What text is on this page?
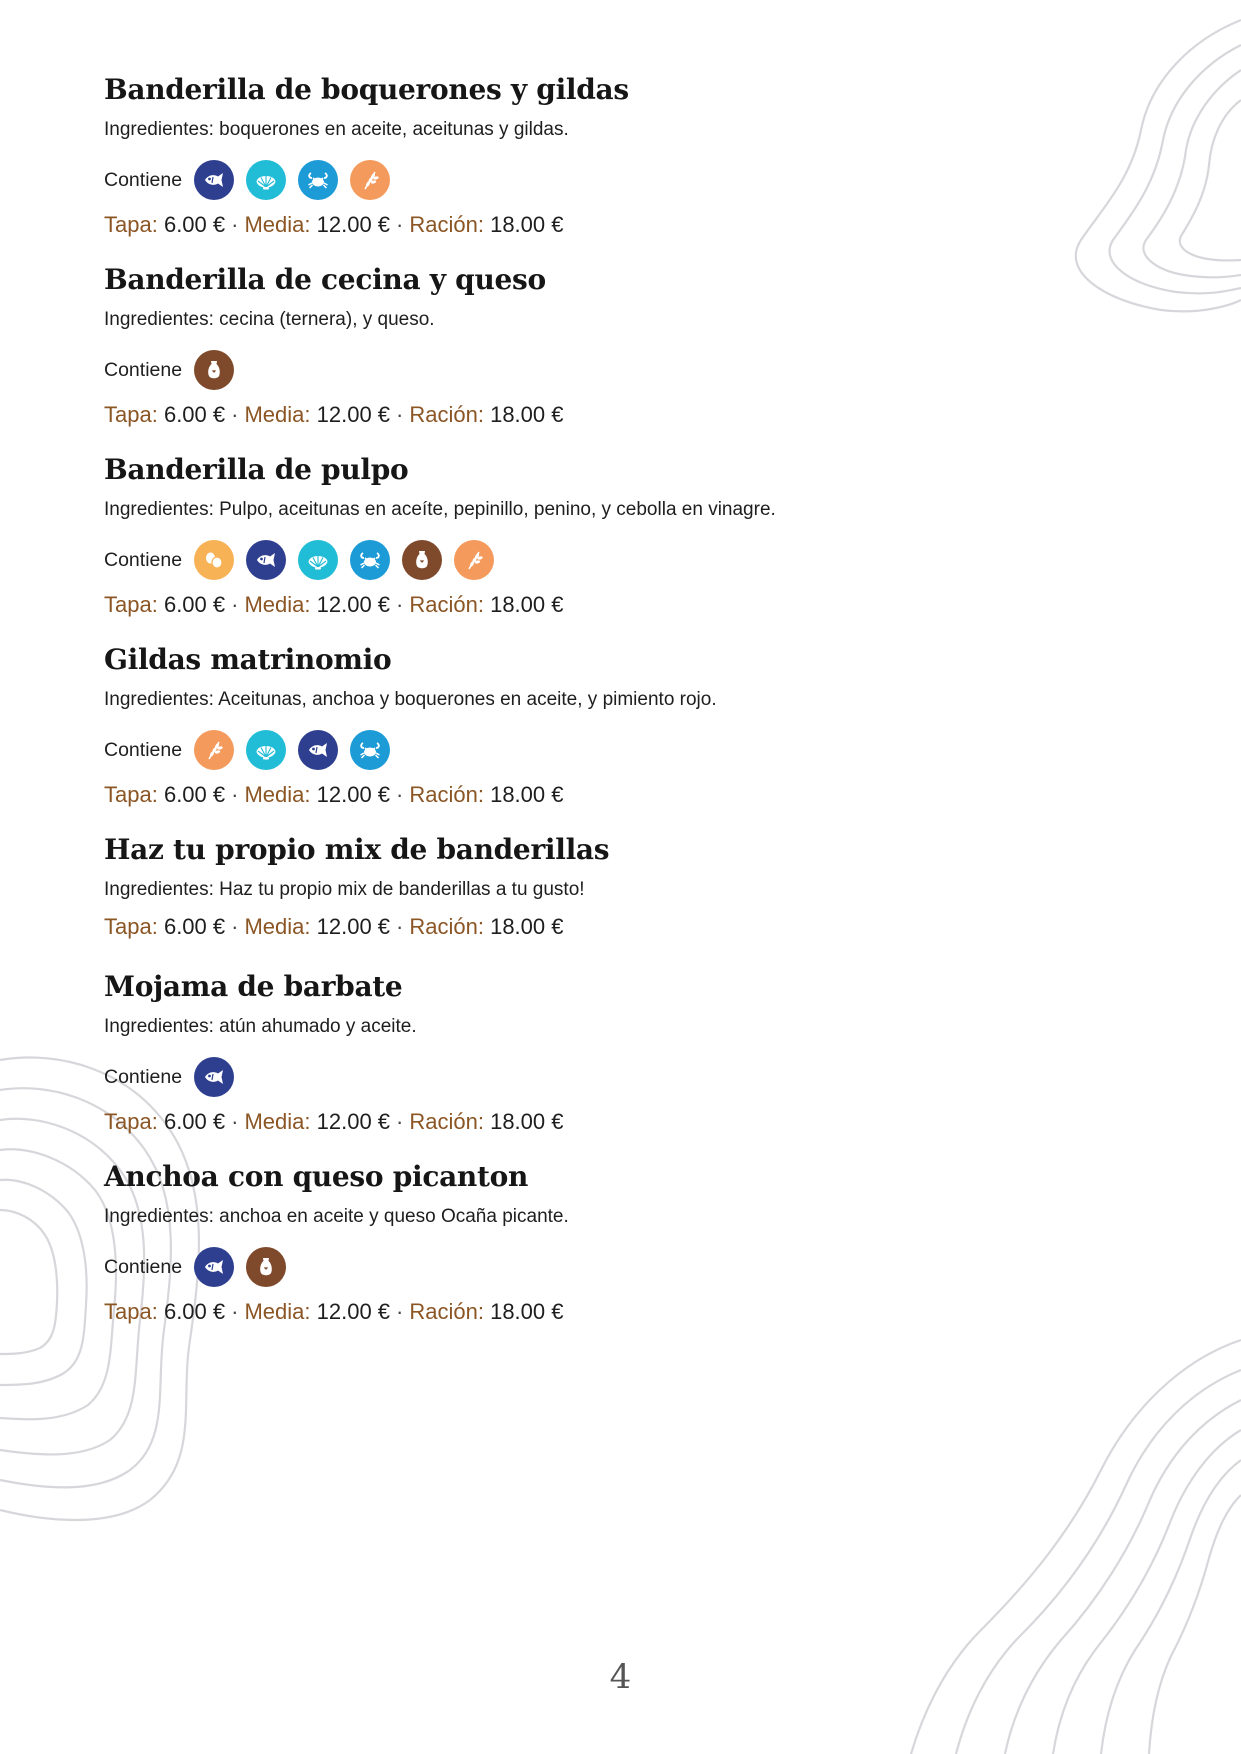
Banderilla de boquerones y gildas
Ingredientes: boquerones en aceite, aceitunas y gildas.
Contiene
Tapa: 6.00 € · Media: 12.00 € · Ración: 18.00 €
Banderilla de cecina y queso
Ingredientes: cecina (ternera), y queso.
Contiene
Tapa: 6.00 € · Media: 12.00 € · Ración: 18.00 €
Banderilla de pulpo
Ingredientes: Pulpo, aceitunas en aceíte, pepinillo, penino, y cebolla en vinagre.
Contiene
Tapa: 6.00 € · Media: 12.00 € · Ración: 18.00 €
Gildas matrinomio
Ingredientes: Aceitunas, anchoa y boquerones en aceite, y pimiento rojo.
Contiene
Tapa: 6.00 € · Media: 12.00 € · Ración: 18.00 €
Haz tu propio mix de banderillas
Ingredientes: Haz tu propio mix de banderillas a tu gusto!
Tapa: 6.00 € · Media: 12.00 € · Ración: 18.00 €
Mojama de barbate
Ingredientes: atún ahumado y aceite.
Contiene
Tapa: 6.00 € · Media: 12.00 € · Ración: 18.00 €
Anchoa con queso picanton
Ingredientes: anchoa en aceite y queso Ocaña picante.
Contiene
Tapa: 6.00 € · Media: 12.00 € · Ración: 18.00 €
4
